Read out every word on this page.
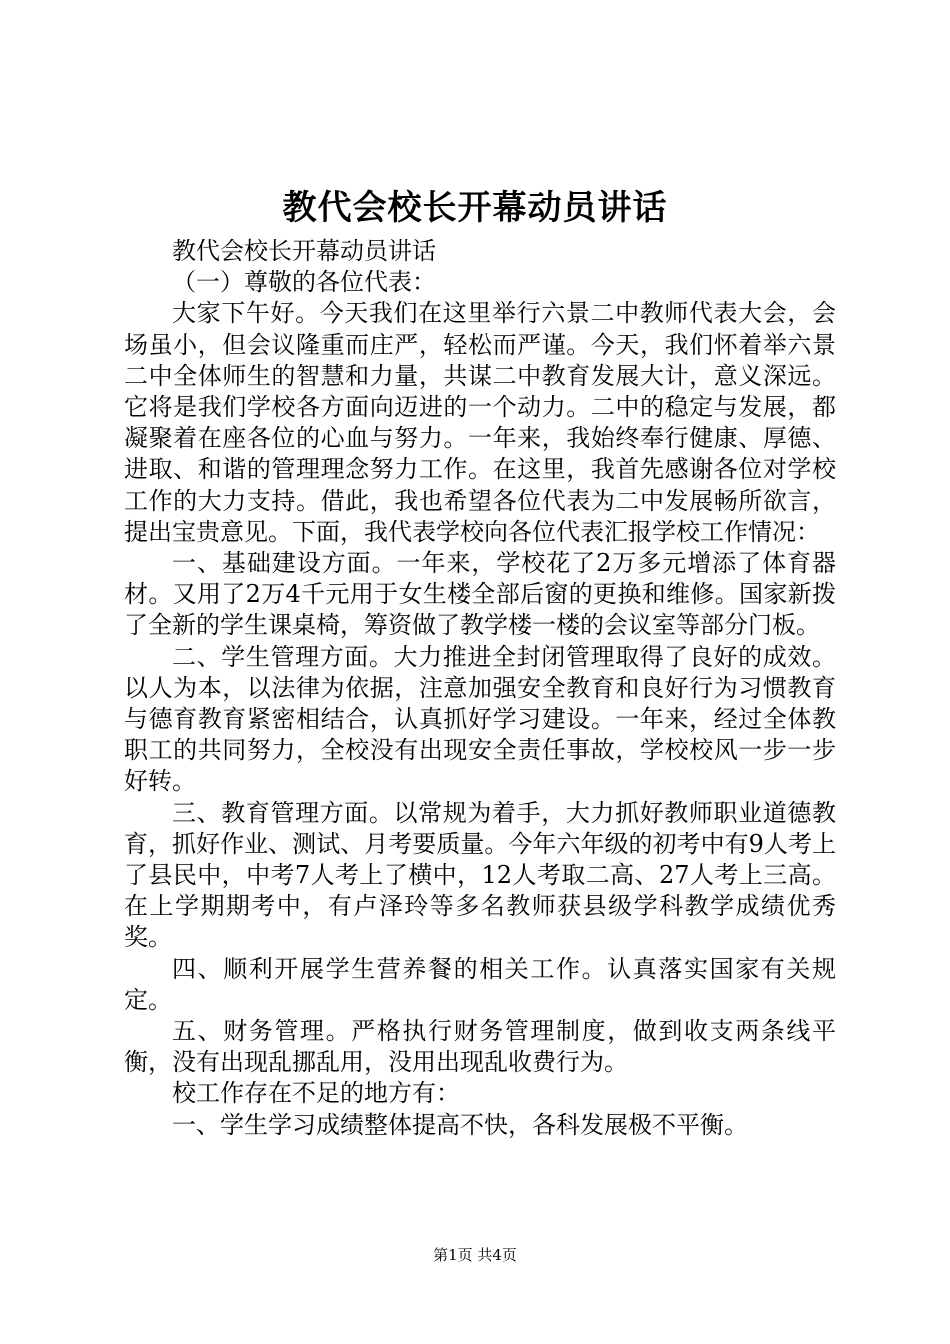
教代会校长开幕动员讲话

教代会校长开幕动员讲话

（一）尊敬的各位代表：

大家下午好。今天我们在这里举行六景二中教师代表大会，会场虽小，但会议隆重而庄严，轻松而严谨。今天，我们怀着举六景二中全体师生的智慧和力量，共谋二中教育发展大计，意义深远。它将是我们学校各方面向迈进的一个动力。二中的稳定与发展，都凝聚着在座各位的心血与努力。一年来，我始终奉行健康、厚德、进取、和谐的管理理念努力工作。在这里，我首先感谢各位对学校工作的大力支持。借此，我也希望各位代表为二中发展畅所欲言，提出宝贵意见。下面，我代表学校向各位代表汇报学校工作情况：

一、基础建设方面。一年来，学校花了2万多元增添了体育器材。又用了2万4千元用于女生楼全部后窗的更换和维修。国家新拨了全新的学生课桌椅，筹资做了教学楼一楼的会议室等部分门板。

二、学生管理方面。大力推进全封闭管理取得了良好的成效。以人为本，以法律为依据，注意加强安全教育和良好行为习惯教育与德育教育紧密相结合，认真抓好学习建设。一年来，经过全体教职工的共同努力，全校没有出现安全责任事故，学校校风一步一步好转。

三、教育管理方面。以常规为着手，大力抓好教师职业道德教育，抓好作业、测试、月考要质量。今年六年级的初考中有9人考上了县民中，中考7人考上了横中，12人考取二高、27人考上三高。在上学期期考中，有卢泽玲等多名教师获县级学科教学成绩优秀奖。

四、顺利开展学生营养餐的相关工作。认真落实国家有关规定。

五、财务管理。严格执行财务管理制度，做到收支两条线平衡，没有出现乱挪乱用，没用出现乱收费行为。

校工作存在不足的地方有：

一、学生学习成绩整体提高不快，各科发展极不平衡。

第1页 共4页
